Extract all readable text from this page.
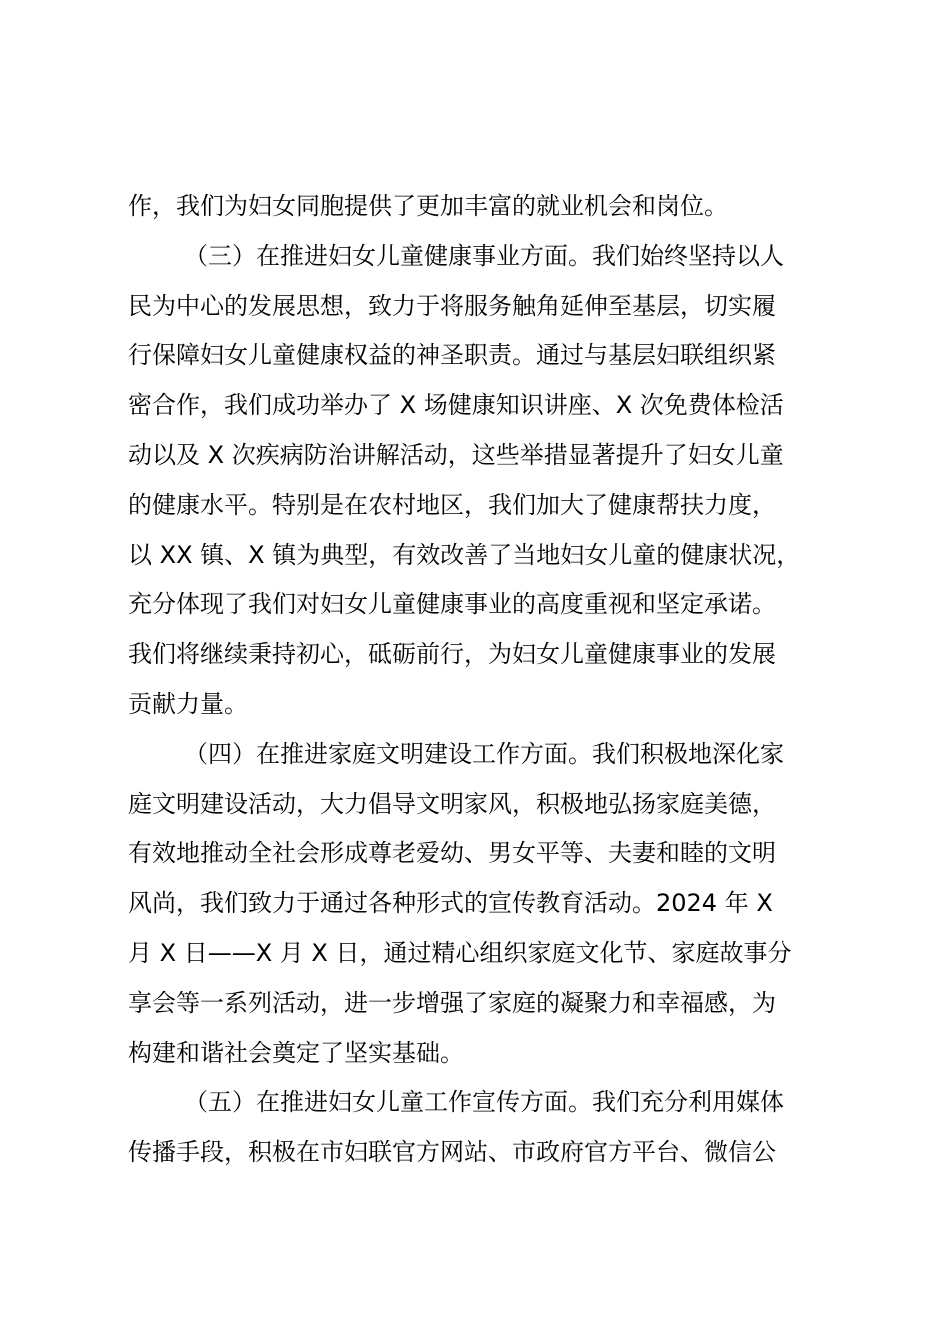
作，我们为妇女同胞提供了更加丰富的就业机会和岗位。
（三）在推进妇女儿童健康事业方面。我们始终坚持以人
民为中心的发展思想，致力于将服务触角延伸至基层，切实履
行保障妇女儿童健康权益的神圣职责。通过与基层妇联组织紧
密合作，我们成功举办了 X 场健康知识讲座、X 次免费体检活
动以及 X 次疾病防治讲解活动，这些举措显著提升了妇女儿童
的健康水平。特别是在农村地区，我们加大了健康帮扶力度，
以 XX 镇、X 镇为典型，有效改善了当地妇女儿童的健康状况，
充分体现了我们对妇女儿童健康事业的高度重视和坚定承诺。
我们将继续秉持初心，砥砺前行，为妇女儿童健康事业的发展
贡献力量。
（四）在推进家庭文明建设工作方面。我们积极地深化家
庭文明建设活动，大力倡导文明家风，积极地弘扬家庭美德，
有效地推动全社会形成尊老爱幼、男女平等、夫妻和睦的文明
风尚，我们致力于通过各种形式的宣传教育活动。2024 年 X
月 X 日——X 月 X 日，通过精心组织家庭文化节、家庭故事分
享会等一系列活动，进一步增强了家庭的凝聚力和幸福感，为
构建和谐社会奠定了坚实基础。
（五）在推进妇女儿童工作宣传方面。我们充分利用媒体
传播手段，积极在市妇联官方网站、市政府官方平台、微信公
